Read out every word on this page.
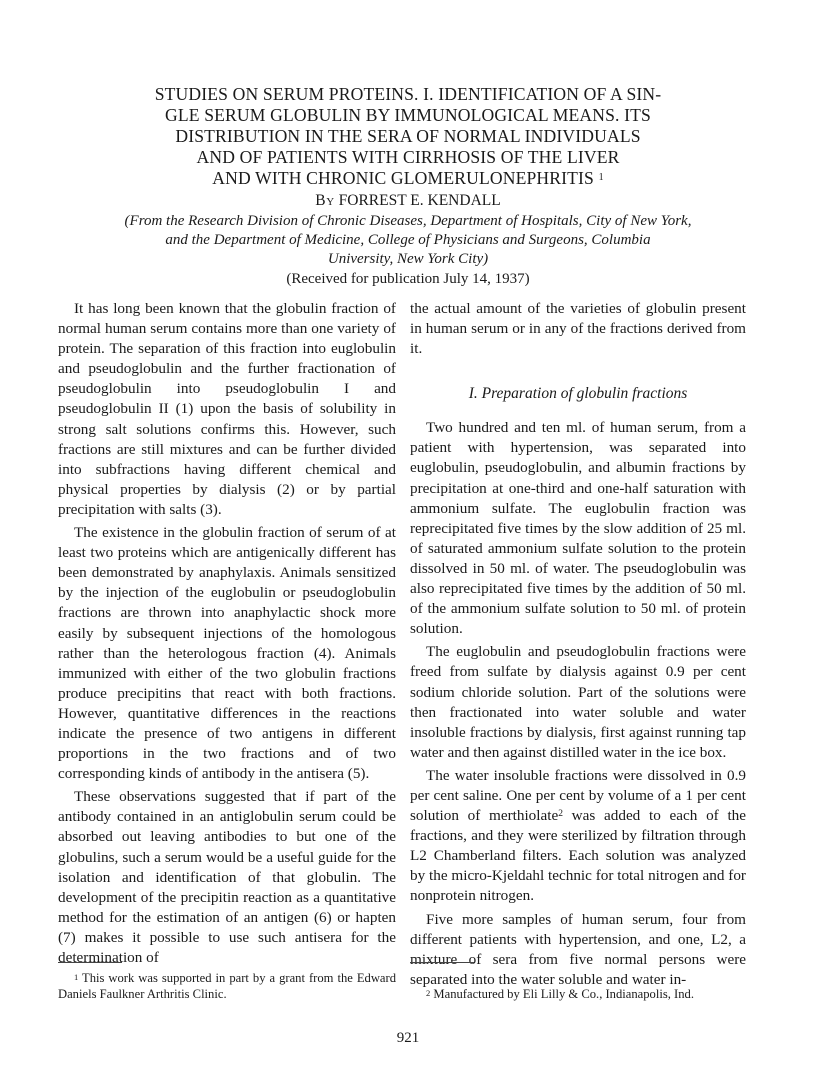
STUDIES ON SERUM PROTEINS. I. IDENTIFICATION OF A SIN-
GLE SERUM GLOBULIN BY IMMUNOLOGICAL MEANS. ITS
DISTRIBUTION IN THE SERA OF NORMAL INDIVIDUALS
AND OF PATIENTS WITH CIRRHOSIS OF THE LIVER
AND WITH CHRONIC GLOMERULONEPHRITIS $^1$

By FORREST E. KENDALL

(From the Research Division of Chronic Diseases, Department of Hospitals, City of New York,
and the Department of Medicine, College of Physicians and Surgeons, Columbia
University, New York City)

(Received for publication July 14, 1937)

It has long been known that the globulin fraction of normal human serum contains more than one variety of protein. The separation of this fraction into euglobulin and pseudoglobulin and the further fractionation of pseudoglobulin into pseudoglobulin I and pseudoglobulin II (1) upon the basis of solubility in strong salt solutions confirms this. However, such fractions are still mixtures and can be further divided into subfractions having different chemical and physical properties by dialysis (2) or by partial precipitation with salts (3).

The existence in the globulin fraction of serum of at least two proteins which are antigenically different has been demonstrated by anaphylaxis. Animals sensitized by the injection of the euglobulin or pseudoglobulin fractions are thrown into anaphylactic shock more easily by subsequent injections of the homologous rather than the heterologous fraction (4). Animals immunized with either of the two globulin fractions produce precipitins that react with both fractions. However, quantitative differences in the reactions indicate the presence of two antigens in different proportions in the two fractions and of two corresponding kinds of antibody in the antisera (5).

These observations suggested that if part of the antibody contained in an antiglobulin serum could be absorbed out leaving antibodies to but one of the globulins, such a serum would be a useful guide for the isolation and identification of that globulin. The development of the precipitin reaction as a quantitative method for the estimation of an antigen (6) or hapten (7) makes it possible to use such antisera for the determination of

the actual amount of the varieties of globulin present in human serum or in any of the fractions derived from it.

I. Preparation of globulin fractions

Two hundred and ten ml. of human serum, from a patient with hypertension, was separated into euglobulin, pseudoglobulin, and albumin fractions by precipitation at one-third and one-half saturation with ammonium sulfate. The euglobulin fraction was reprecipitated five times by the slow addition of 25 ml. of saturated ammonium sulfate solution to the protein dissolved in 50 ml. of water. The pseudoglobulin was also reprecipitated five times by the addition of 50 ml. of the ammonium sulfate solution to 50 ml. of protein solution.

The euglobulin and pseudoglobulin fractions were freed from sulfate by dialysis against 0.9 per cent sodium chloride solution. Part of the solutions were then fractionated into water soluble and water insoluble fractions by dialysis, first against running tap water and then against distilled water in the ice box.

The water insoluble fractions were dissolved in 0.9 per cent saline. One per cent by volume of a 1 per cent solution of merthiolate$^2$ was added to each of the fractions, and they were sterilized by filtration through L2 Chamberland filters. Each solution was analyzed by the micro-Kjeldahl technic for total nitrogen and for nonprotein nitrogen.

Five more samples of human serum, four from different patients with hypertension, and one, L2, a mixture of sera from five normal persons were separated into the water soluble and water in-

$^1$ This work was supported in part by a grant from the Edward Daniels Faulkner Arthritis Clinic.	$^2$ Manufactured by Eli Lilly & Co., Indianapolis, Ind.

921
